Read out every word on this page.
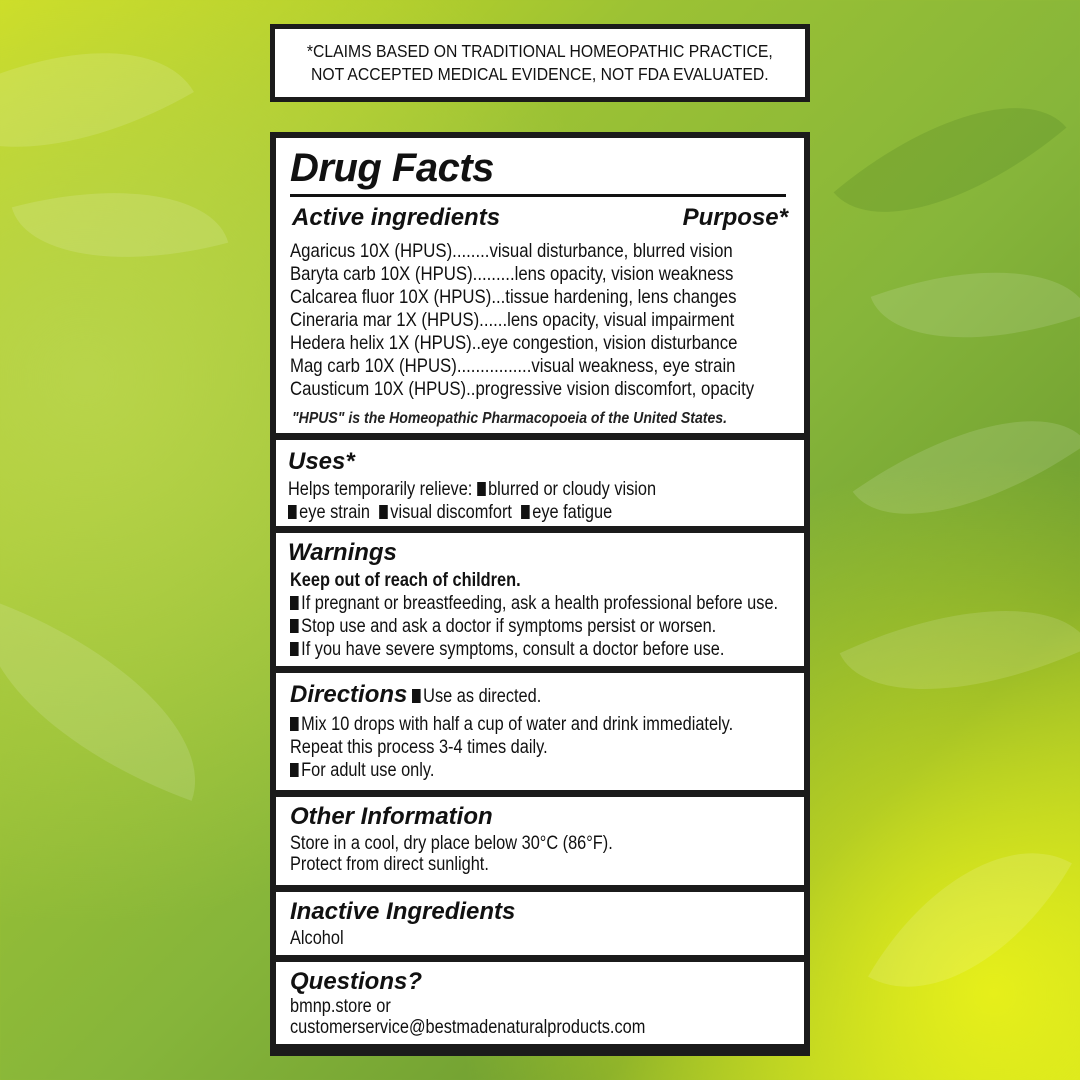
*CLAIMS BASED ON TRADITIONAL HOMEOPATHIC PRACTICE,
NOT ACCEPTED MEDICAL EVIDENCE, NOT FDA EVALUATED.
Drug Facts
Active ingredients	Purpose*
Agaricus 10X (HPUS)........visual disturbance, blurred vision
Baryta carb 10X (HPUS).........lens opacity, vision weakness
Calcarea fluor 10X (HPUS)...tissue hardening, lens changes
Cineraria mar 1X (HPUS)......lens opacity, visual impairment
Hedera helix 1X (HPUS)..eye congestion, vision disturbance
Mag carb 10X (HPUS)................visual weakness, eye strain
Causticum 10X (HPUS)..progressive vision discomfort, opacity
"HPUS" is the Homeopathic Pharmacopoeia of the United States.
Uses*
Helps temporarily relieve: blurred or cloudy vision
eye strain visual discomfort eye fatigue
Warnings
Keep out of reach of children.
If pregnant or breastfeeding, ask a health professional before use.
Stop use and ask a doctor if symptoms persist or worsen.
If you have severe symptoms, consult a doctor before use.
Directions Use as directed.
Mix 10 drops with half a cup of water and drink immediately.
Repeat this process 3-4 times daily.
For adult use only.
Other Information
Store in a cool, dry place below 30°C (86°F).
Protect from direct sunlight.
Inactive Ingredients
Alcohol
Questions?
bmnp.store or
customerservice@bestmadenaturalproducts.com
